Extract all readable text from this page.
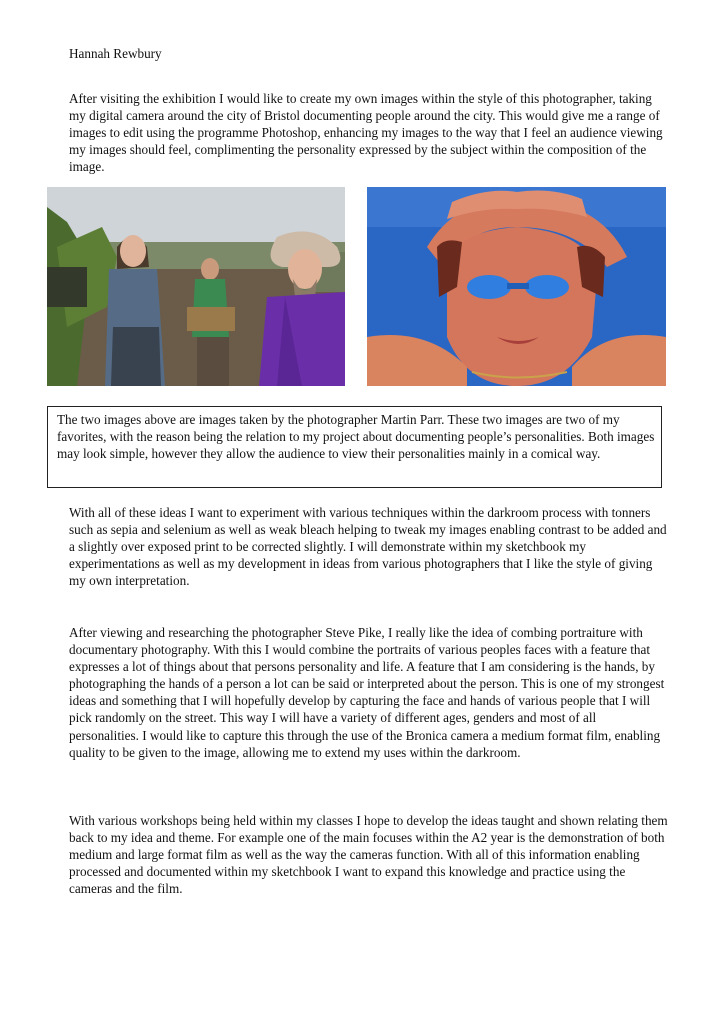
Hannah Rewbury

After visiting the exhibition I would like to create my own images within the style of this photographer, taking my digital camera around the city of Bristol documenting people around the city. This would give me a range of images to edit using the programme Photoshop, enhancing my images to the way that I feel an audience viewing my images should feel, complimenting the personality expressed by the subject within the composition of the image.

The two images above are images taken by the photographer Martin Parr. These two images are two of my favorites, with the reason being the relation to my project about documenting people’s personalities. Both images may look simple, however they allow the audience to view their personalities mainly in a comical way.

With all of these ideas I want to experiment with various techniques within the darkroom process with tonners such as sepia and selenium as well as weak bleach helping to tweak my images enabling contrast to be added and a slightly over exposed print to be corrected slightly. I will demonstrate within my sketchbook my experimentations as well as my development in ideas from various photographers that I like the style of giving my own interpretation.

After viewing and researching the photographer Steve Pike, I really like the idea of combing portraiture with documentary photography. With this I would combine the portraits of various peoples faces with a feature that expresses a lot of things about that persons personality and life. A feature that I am considering is the hands, by photographing the hands of a person a lot can be said or interpreted about the person. This is one of my strongest ideas and something that I will hopefully develop by capturing the face and hands of various people that I will pick randomly on the street. This way I will have a variety of different ages, genders and most of all personalities. I would like to capture this through the use of the Bronica camera a medium format film, enabling quality to be given to the image, allowing me to extend my uses within the darkroom.

With various workshops being held within my classes I hope to develop the ideas taught and shown relating them back to my idea and theme. For example one of the main focuses within the A2 year is the demonstration of both medium and large format film as well as the way the cameras function. With all of this information enabling processed and documented within my sketchbook I want to expand this knowledge and practice using the cameras and the film.
